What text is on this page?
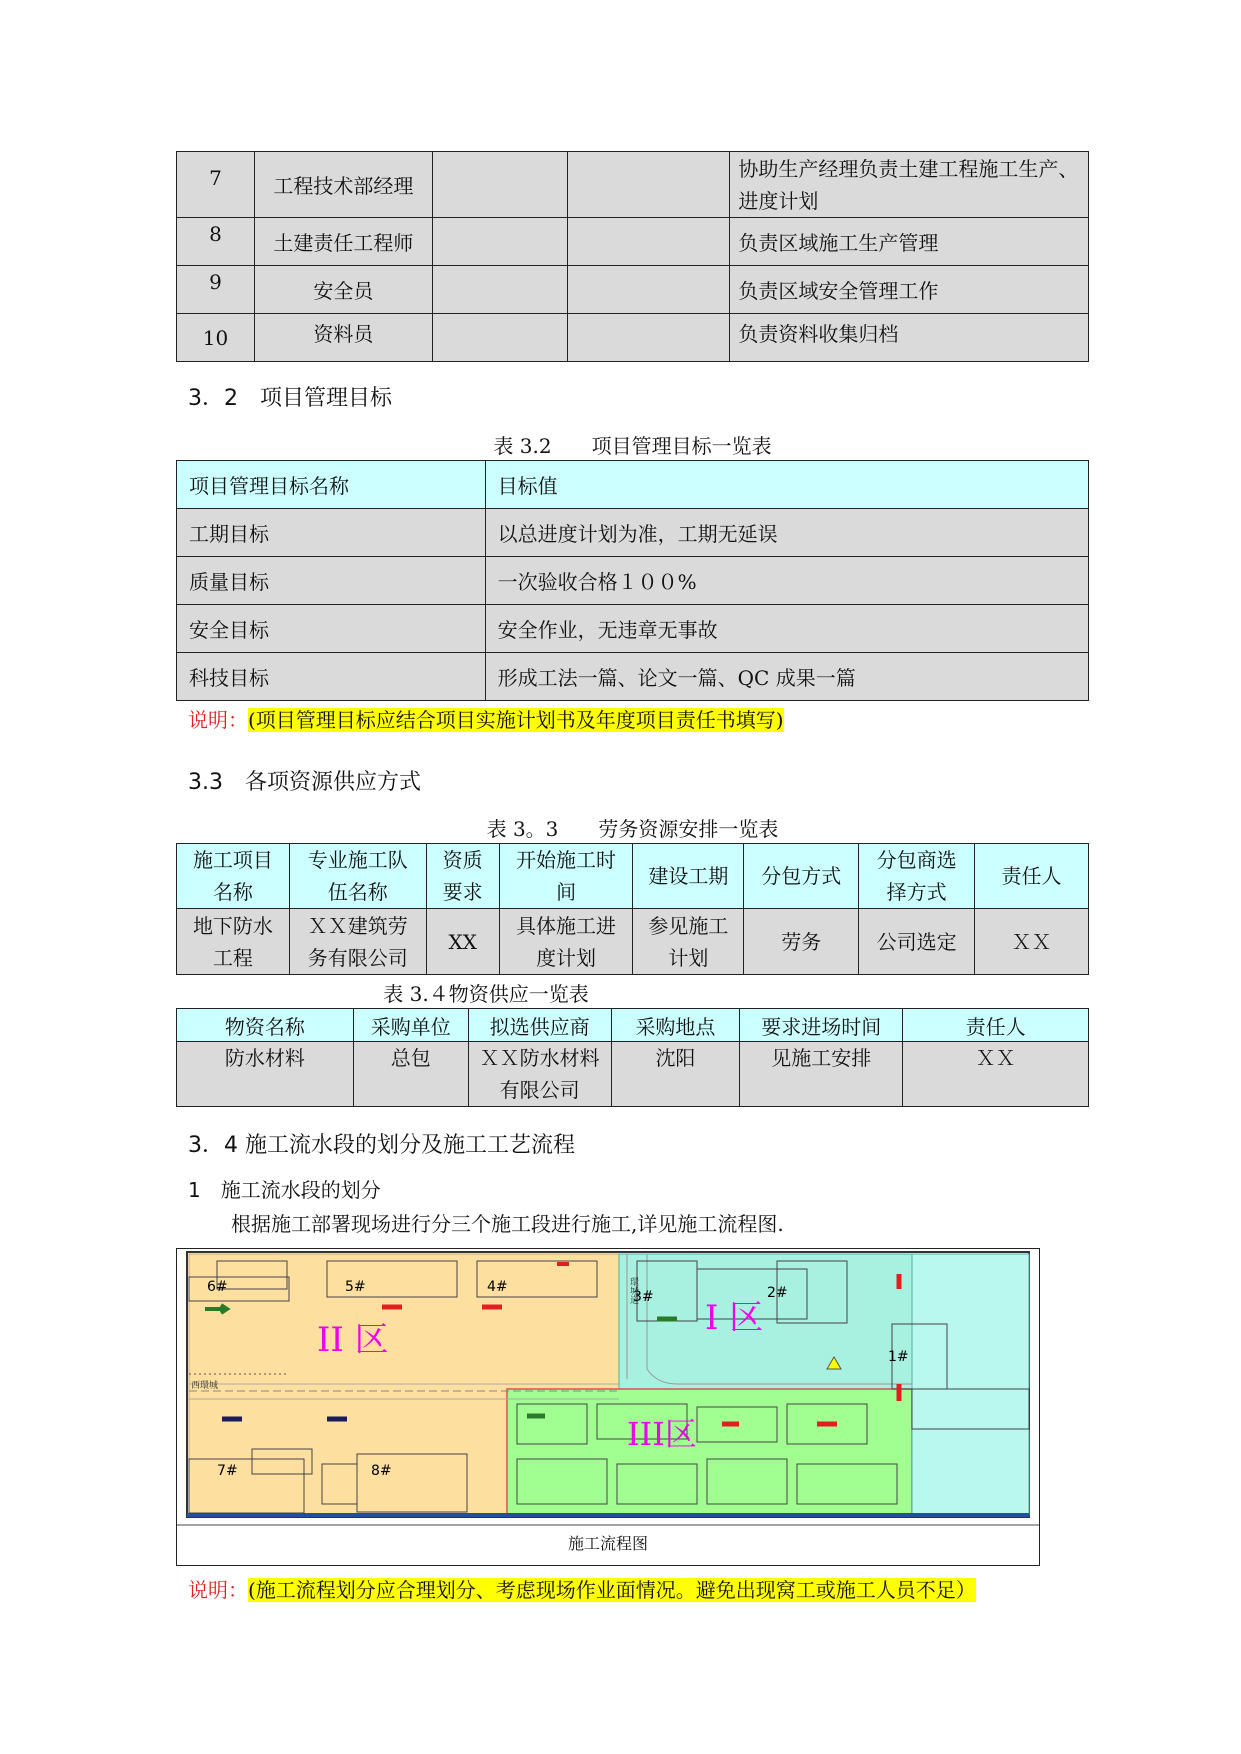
7	工程技术部经理			协助生产经理负责土建工程施工生产、进度计划
8	土建责任工程师			负责区域施工生产管理
9	安全员			负责区域安全管理工作
10	资料员			负责资料收集归档
3．2　项目管理目标
表 3.2　　项目管理目标一览表
项目管理目标名称	目标值
工期目标	以总进度计划为准，工期无延误
质量目标	一次验收合格１００%
安全目标	安全作业，无违章无事故
科技目标	形成工法一篇、论文一篇、QC 成果一篇
说明：(项目管理目标应结合项目实施计划书及年度项目责任书填写)
3.3　各项资源供应方式
表 3。3　　劳务资源安排一览表
施工项目名称	专业施工队伍名称	资质要求	开始施工时间	建设工期	分包方式	分包商选择方式	责任人
地下防水工程	ＸＸ建筑劳务有限公司	XX	具体施工进度计划	参见施工计划	劳务	公司选定	ＸＸ
表 3.４物资供应一览表
物资名称	采购单位	拟选供应商	采购地点	要求进场时间	责任人
防水材料	总包	ＸＸ防水材料有限公司	沈阳	见施工安排	ＸＸ
3．4 施工流水段的划分及施工工艺流程
1　施工流水段的划分
根据施工部署现场进行分三个施工段进行施工,详见施工流程图.
II 区
I 区
III区
1#
2#
3#
4#
5#
6#
7#	8#
環城道
西環城
施工流程图
说明：(施工流程划分应合理划分、考虑现场作业面情况。避免出现窝工或施工人员不足）
